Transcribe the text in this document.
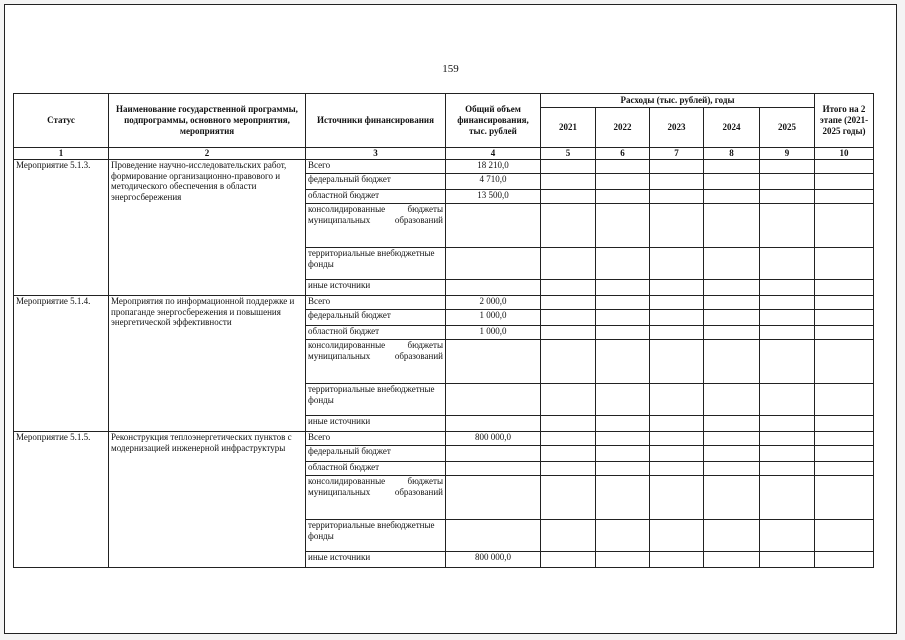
159
Статус	Наименование государственной программы, подпрограммы, основного мероприятия, мероприятия	Источники финансирования	Общий объем финансирования, тыс. рублей	Расходы (тыс. рублей), годы					Итого на 2 этапе (2021-2025 годы)
				2021	2022	2023	2024	2025	
1	2	3	4	5	6	7	8	9	10
Мероприятие 5.1.3.	Проведение научно-исследовательских работ, формирование организационно-правового и методического обеспечения в области энергосбережения	Всего	18 210,0						
		федеральный бюджет	4 710,0						
		областной бюджет	13 500,0						
		консолидированные бюджеты муниципальных образований							
		территориальные внебюджетные фонды							
		иные источники							
Мероприятие 5.1.4.	Мероприятия по информационной поддержке и пропаганде энергосбережения и повышения энергетической эффективности	Всего	2 000,0						
		федеральный бюджет	1 000,0						
		областной бюджет	1 000,0						
		консолидированные бюджеты муниципальных образований							
		территориальные внебюджетные фонды							
		иные источники							
Мероприятие 5.1.5.	Реконструкция теплоэнергетических пунктов с модернизацией инженерной инфраструктуры	Всего	800 000,0						
		федеральный бюджет							
		областной бюджет							
		консолидированные бюджеты муниципальных образований							
		территориальные внебюджетные фонды							
		иные источники	800 000,0						
